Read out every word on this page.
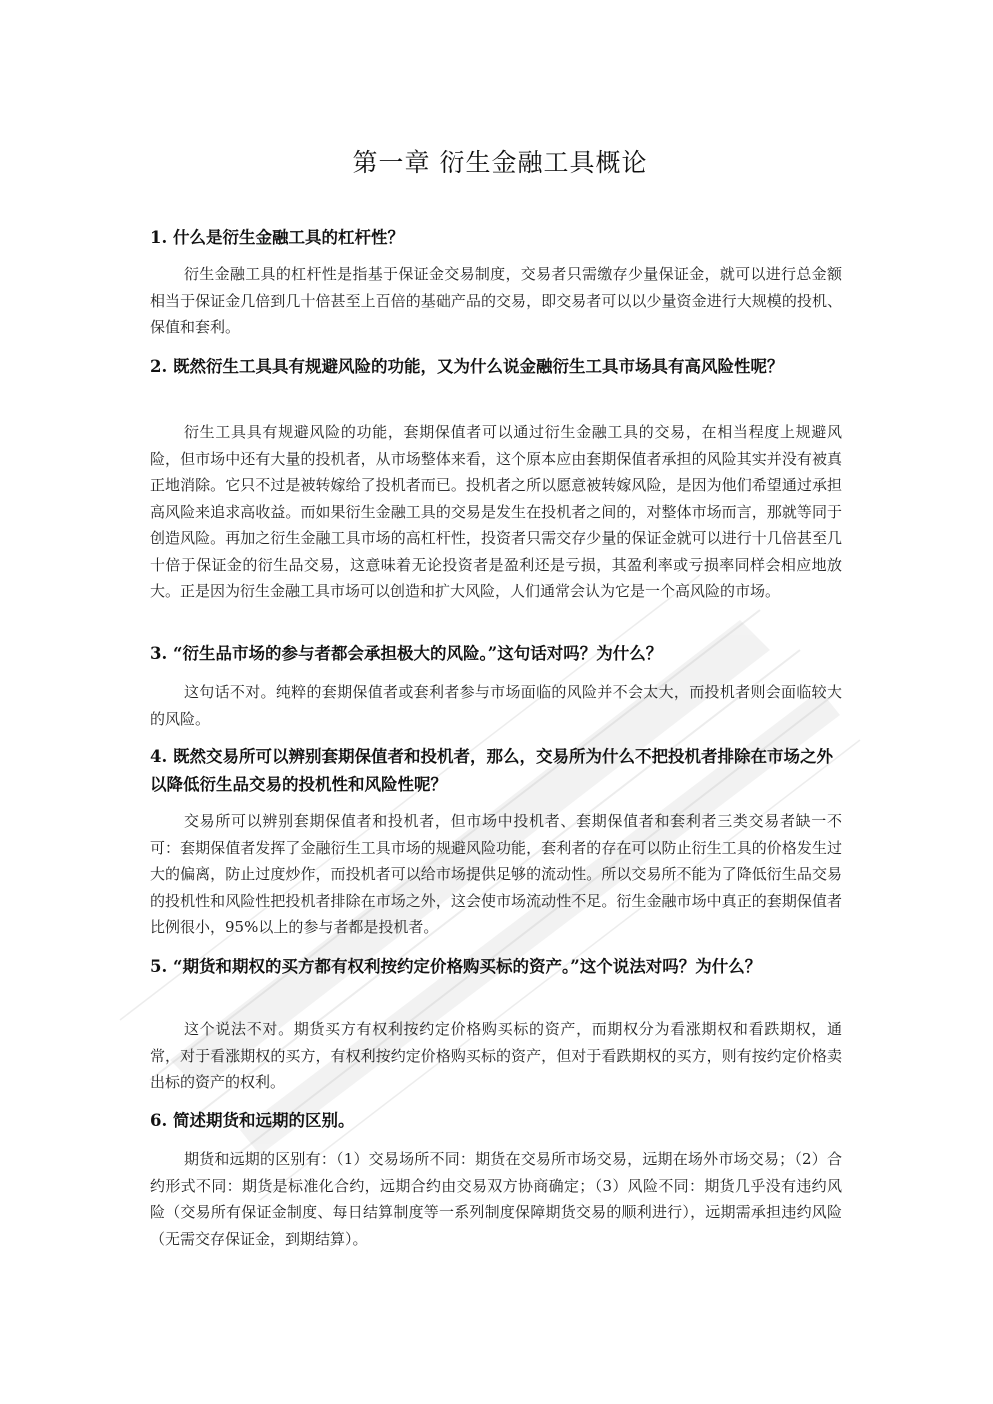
第一章 衍生金融工具概论
1. 什么是衍生金融工具的杠杆性？

衍生金融工具的杠杆性是指基于保证金交易制度，交易者只需缴存少量保证金，就可以进行总金额相当于保证金几倍到几十倍甚至上百倍的基础产品的交易，即交易者可以以少量资金进行大规模的投机、保值和套利。

2. 既然衍生工具具有规避风险的功能，又为什么说金融衍生工具市场具有高风险性呢？

衍生工具具有规避风险的功能，套期保值者可以通过衍生金融工具的交易，在相当程度上规避风险，但市场中还有大量的投机者，从市场整体来看，这个原本应由套期保值者承担的风险其实并没有被真正地消除。它只不过是被转嫁给了投机者而已。投机者之所以愿意被转嫁风险，是因为他们希望通过承担高风险来追求高收益。而如果衍生金融工具的交易是发生在投机者之间的，对整体市场而言，那就等同于创造风险。再加之衍生金融工具市场的高杠杆性，投资者只需交存少量的保证金就可以进行十几倍甚至几十倍于保证金的衍生品交易，这意味着无论投资者是盈利还是亏损，其盈利率或亏损率同样会相应地放大。正是因为衍生金融工具市场可以创造和扩大风险，人们通常会认为它是一个高风险的市场。

3. “衍生品市场的参与者都会承担极大的风险。”这句话对吗？为什么？

这句话不对。纯粹的套期保值者或套利者参与市场面临的风险并不会太大，而投机者则会面临较大的风险。

4. 既然交易所可以辨别套期保值者和投机者，那么，交易所为什么不把投机者排除在市场之外以降低衍生品交易的投机性和风险性呢？

交易所可以辨别套期保值者和投机者，但市场中投机者、套期保值者和套利者三类交易者缺一不可：套期保值者发挥了金融衍生工具市场的规避风险功能，套利者的存在可以防止衍生工具的价格发生过大的偏离，防止过度炒作，而投机者可以给市场提供足够的流动性。所以交易所不能为了降低衍生品交易的投机性和风险性把投机者排除在市场之外，这会使市场流动性不足。衍生金融市场中真正的套期保值者比例很小，95%以上的参与者都是投机者。

5. “期货和期权的买方都有权利按约定价格购买标的资产。”这个说法对吗？为什么？

这个说法不对。期货买方有权利按约定价格购买标的资产，而期权分为看涨期权和看跌期权，通常，对于看涨期权的买方，有权利按约定价格购买标的资产，但对于看跌期权的买方，则有按约定价格卖出标的资产的权利。

6. 简述期货和远期的区别。

期货和远期的区别有：（1）交易场所不同：期货在交易所市场交易，远期在场外市场交易；（2）合约形式不同：期货是标准化合约，远期合约由交易双方协商确定；（3）风险不同：期货几乎没有违约风险（交易所有保证金制度、每日结算制度等一系列制度保障期货交易的顺利进行），远期需承担违约风险（无需交存保证金，到期结算）。
